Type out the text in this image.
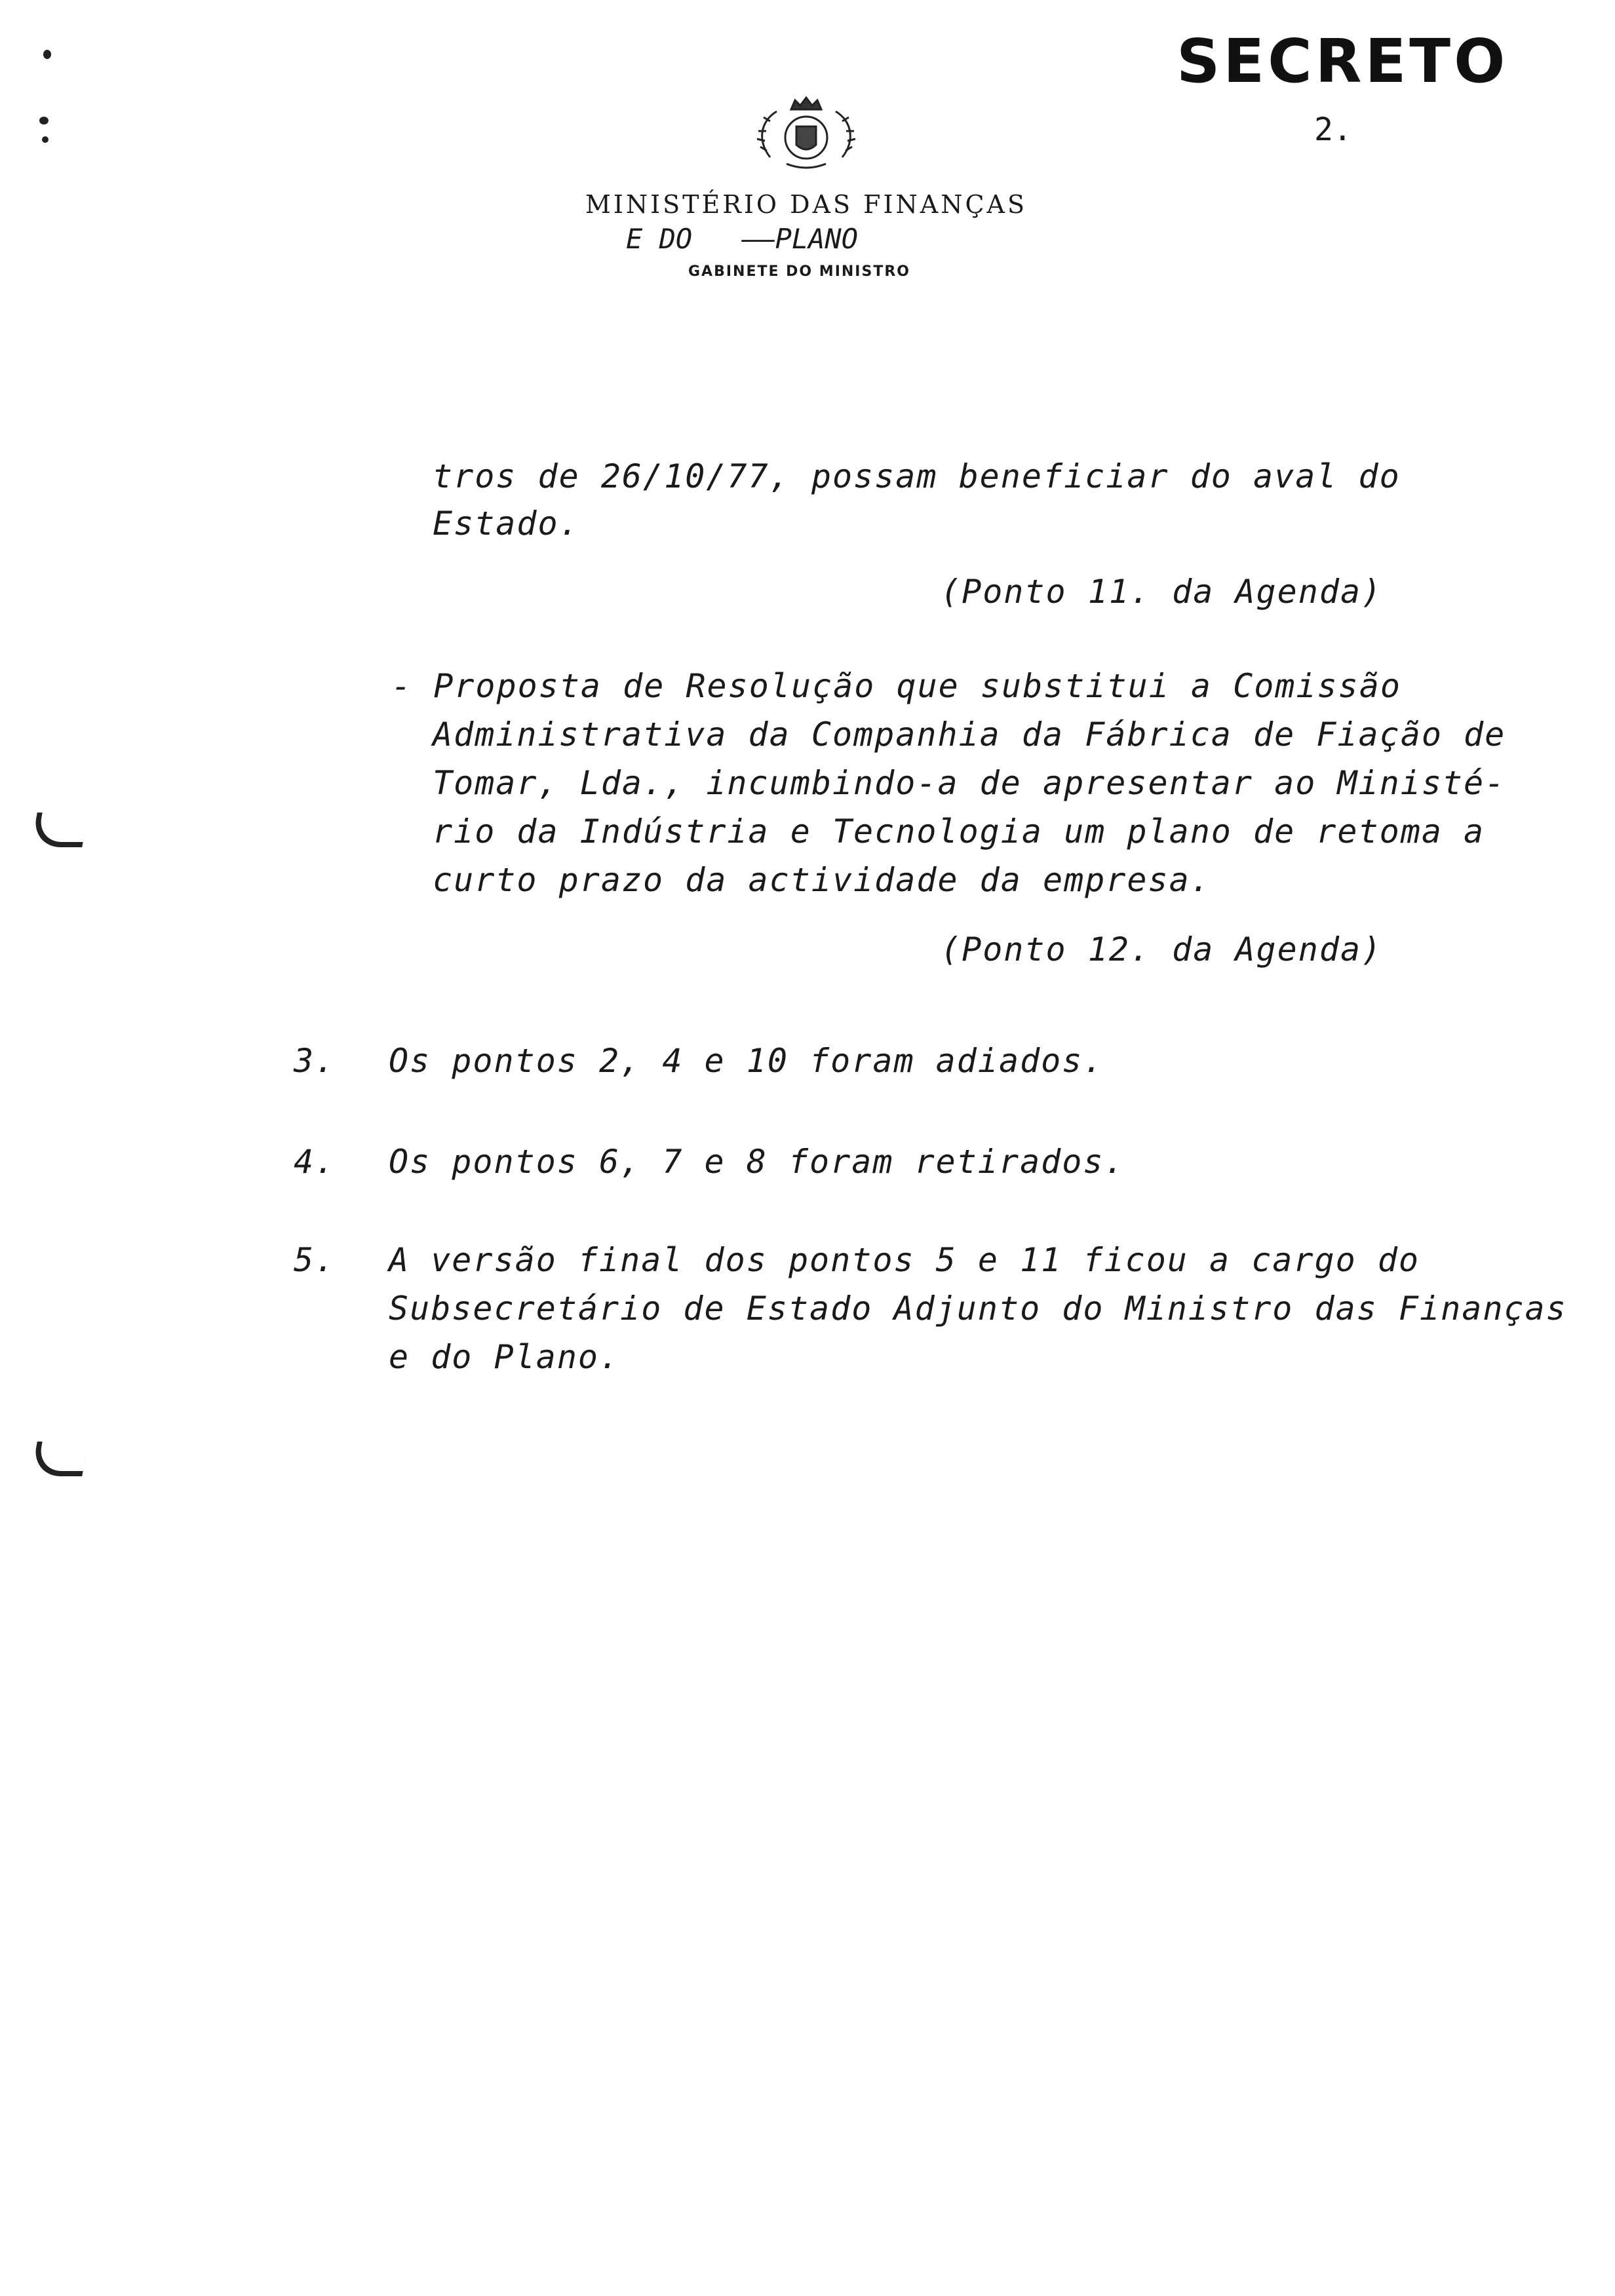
SECRETO
2.
MINISTÉRIO DAS FINANÇAS
E DO   ——PLANO
GABINETE DO MINISTRO
tros de 26/10/77, possam beneficiar do aval do
Estado.
(Ponto 11. da Agenda)
- Proposta de Resolução que substitui a Comissão
Administrativa da Companhia da Fábrica de Fiação de
Tomar, Lda., incumbindo-a de apresentar ao Ministé-
rio da Indústria e Tecnologia um plano de retoma a
curto prazo da actividade da empresa.
(Ponto 12. da Agenda)
3. Os pontos 2, 4 e 10 foram adiados.
4. Os pontos 6, 7 e 8 foram retirados.
5. A versão final dos pontos 5 e 11 ficou a cargo do
Subsecretário de Estado Adjunto do Ministro das Finanças
e do Plano.
